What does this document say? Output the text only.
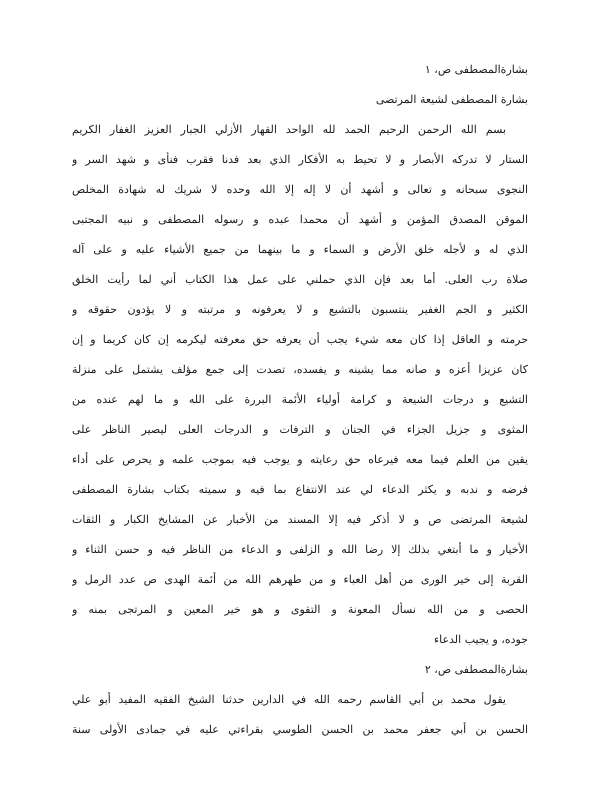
بشارةالمصطفى ص، ١
بشارة المصطفى لشيعة المرتضى
بسم الله الرحمن الرحيم الحمد لله الواحد القهار الأزلي الجبار العزيز الغفار الكريم
الستار لا تدركه الأبصار و لا تحيط به الأفكار الذي بعد فدنا فقرب فنأى و شهد السر و
النجوى سبحانه و تعالى و أشهد أن لا إله إلا الله وحده لا شريك له شهادة المخلص
الموقن المصدق المؤمن و أشهد أن محمدا عبده و رسوله المصطفى و نبيه المجتبى
الذي له و لأجله خلق الأرض و السماء و ما بينهما من جميع الأشياء عليه و على آله
صلاة رب العلى. أما بعد فإن الذي حملني على عمل هذا الكتاب أني لما رأيت الخلق
الكثير و الجم الغفير ينتسبون بالتشيع و لا يعرفونه و مرتبته و لا يؤدون حقوقه و
حرمته و العاقل إذا كان معه شيء يجب أن يعرفه حق معرفته ليكرمه إن كان كريما و إن
كان عزيزا أعزه و صانه مما يشينه و يفسده، تصدت إلى جمع مؤلف يشتمل على منزلة
التشيع و درجات الشيعة و كرامة أولياء الأئمة البررة على الله و ما لهم عنده من
المثوى و جزيل الجزاء في الجنان و الترفات و الدرجات العلى ليصير الناظر على
يقين من العلم فيما معه فيرعاه حق رعايته و يوجب فيه بموجب علمه و يحرص على أداء
فرضه و ندبه و يكثر الدعاء لي عند الانتفاع بما فيه و سميته بكتاب بشارة المصطفى
لشيعة المرتضى ص و لا أذكر فيه إلا المسند من الأخبار عن المشايخ الكبار و الثقات
الأخيار و ما أبتغي بذلك إلا رضا الله و الزلفى و الدعاء من الناظر فيه و حسن الثناء و
القربة إلى خير الورى من أهل العباء و من طهرهم الله من أئمة الهدى ص عدد الرمل و
الحصى و من الله نسأل المعونة و التقوى و هو خير المعين و المرتجى بمنه و
جوده، و يجيب الدعاء
بشارةالمصطفى ص، ٢
يقول محمد بن أبي القاسم رحمه الله في الدارين حدثنا الشيخ الفقيه المفيد أبو علي
الحسن بن أبي جعفر محمد بن الحسن الطوسي بقراءتي عليه في جمادى الأولى سنة
